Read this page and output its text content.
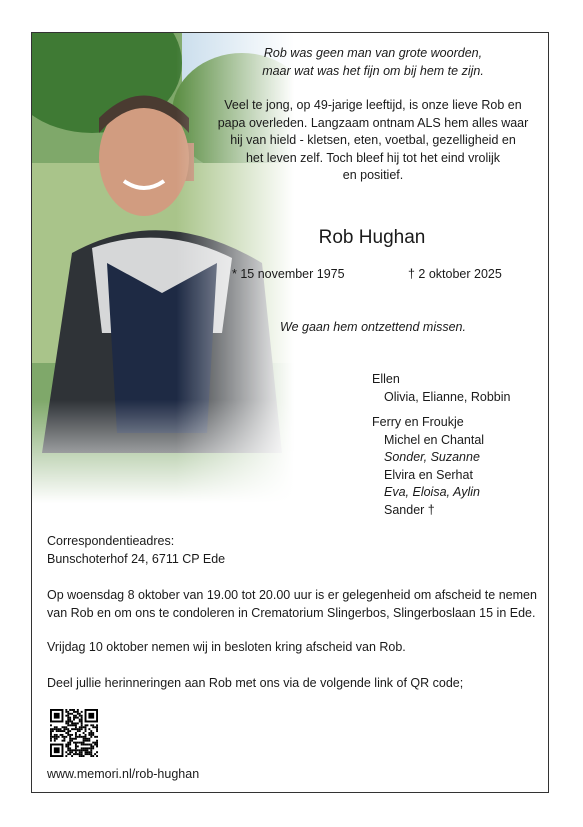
Rob was geen man van grote woorden,
maar wat was het fijn om bij hem te zijn.
Veel te jong, op 49-jarige leeftijd, is onze lieve Rob en
papa overleden. Langzaam ontnam ALS hem alles waar
hij van hield - kletsen, eten, voetbal, gezelligheid en
het leven zelf. Toch bleef hij tot het eind vrolijk
en positief.
Rob Hughan
* 15 november 1975	† 2 oktober 2025
We gaan hem ontzettend missen.
Ellen
Olivia, Elianne, Robbin
Ferry en Froukje
Michel en Chantal
Sonder, Suzanne
Elvira en Serhat
Eva, Eloisa, Aylin
Sander †
Correspondentieadres:
Bunschoterhof 24, 6711 CP Ede
Op woensdag 8 oktober van 19.00 tot 20.00 uur is er gelegenheid om afscheid te nemen
van Rob en om ons te condoleren in Crematorium Slingerbos, Slingerboslaan 15 in Ede.
Vrijdag 10 oktober nemen wij in besloten kring afscheid van Rob.
Deel jullie herinneringen aan Rob met ons via de volgende link of QR code;
www.memori.nl/rob-hughan
